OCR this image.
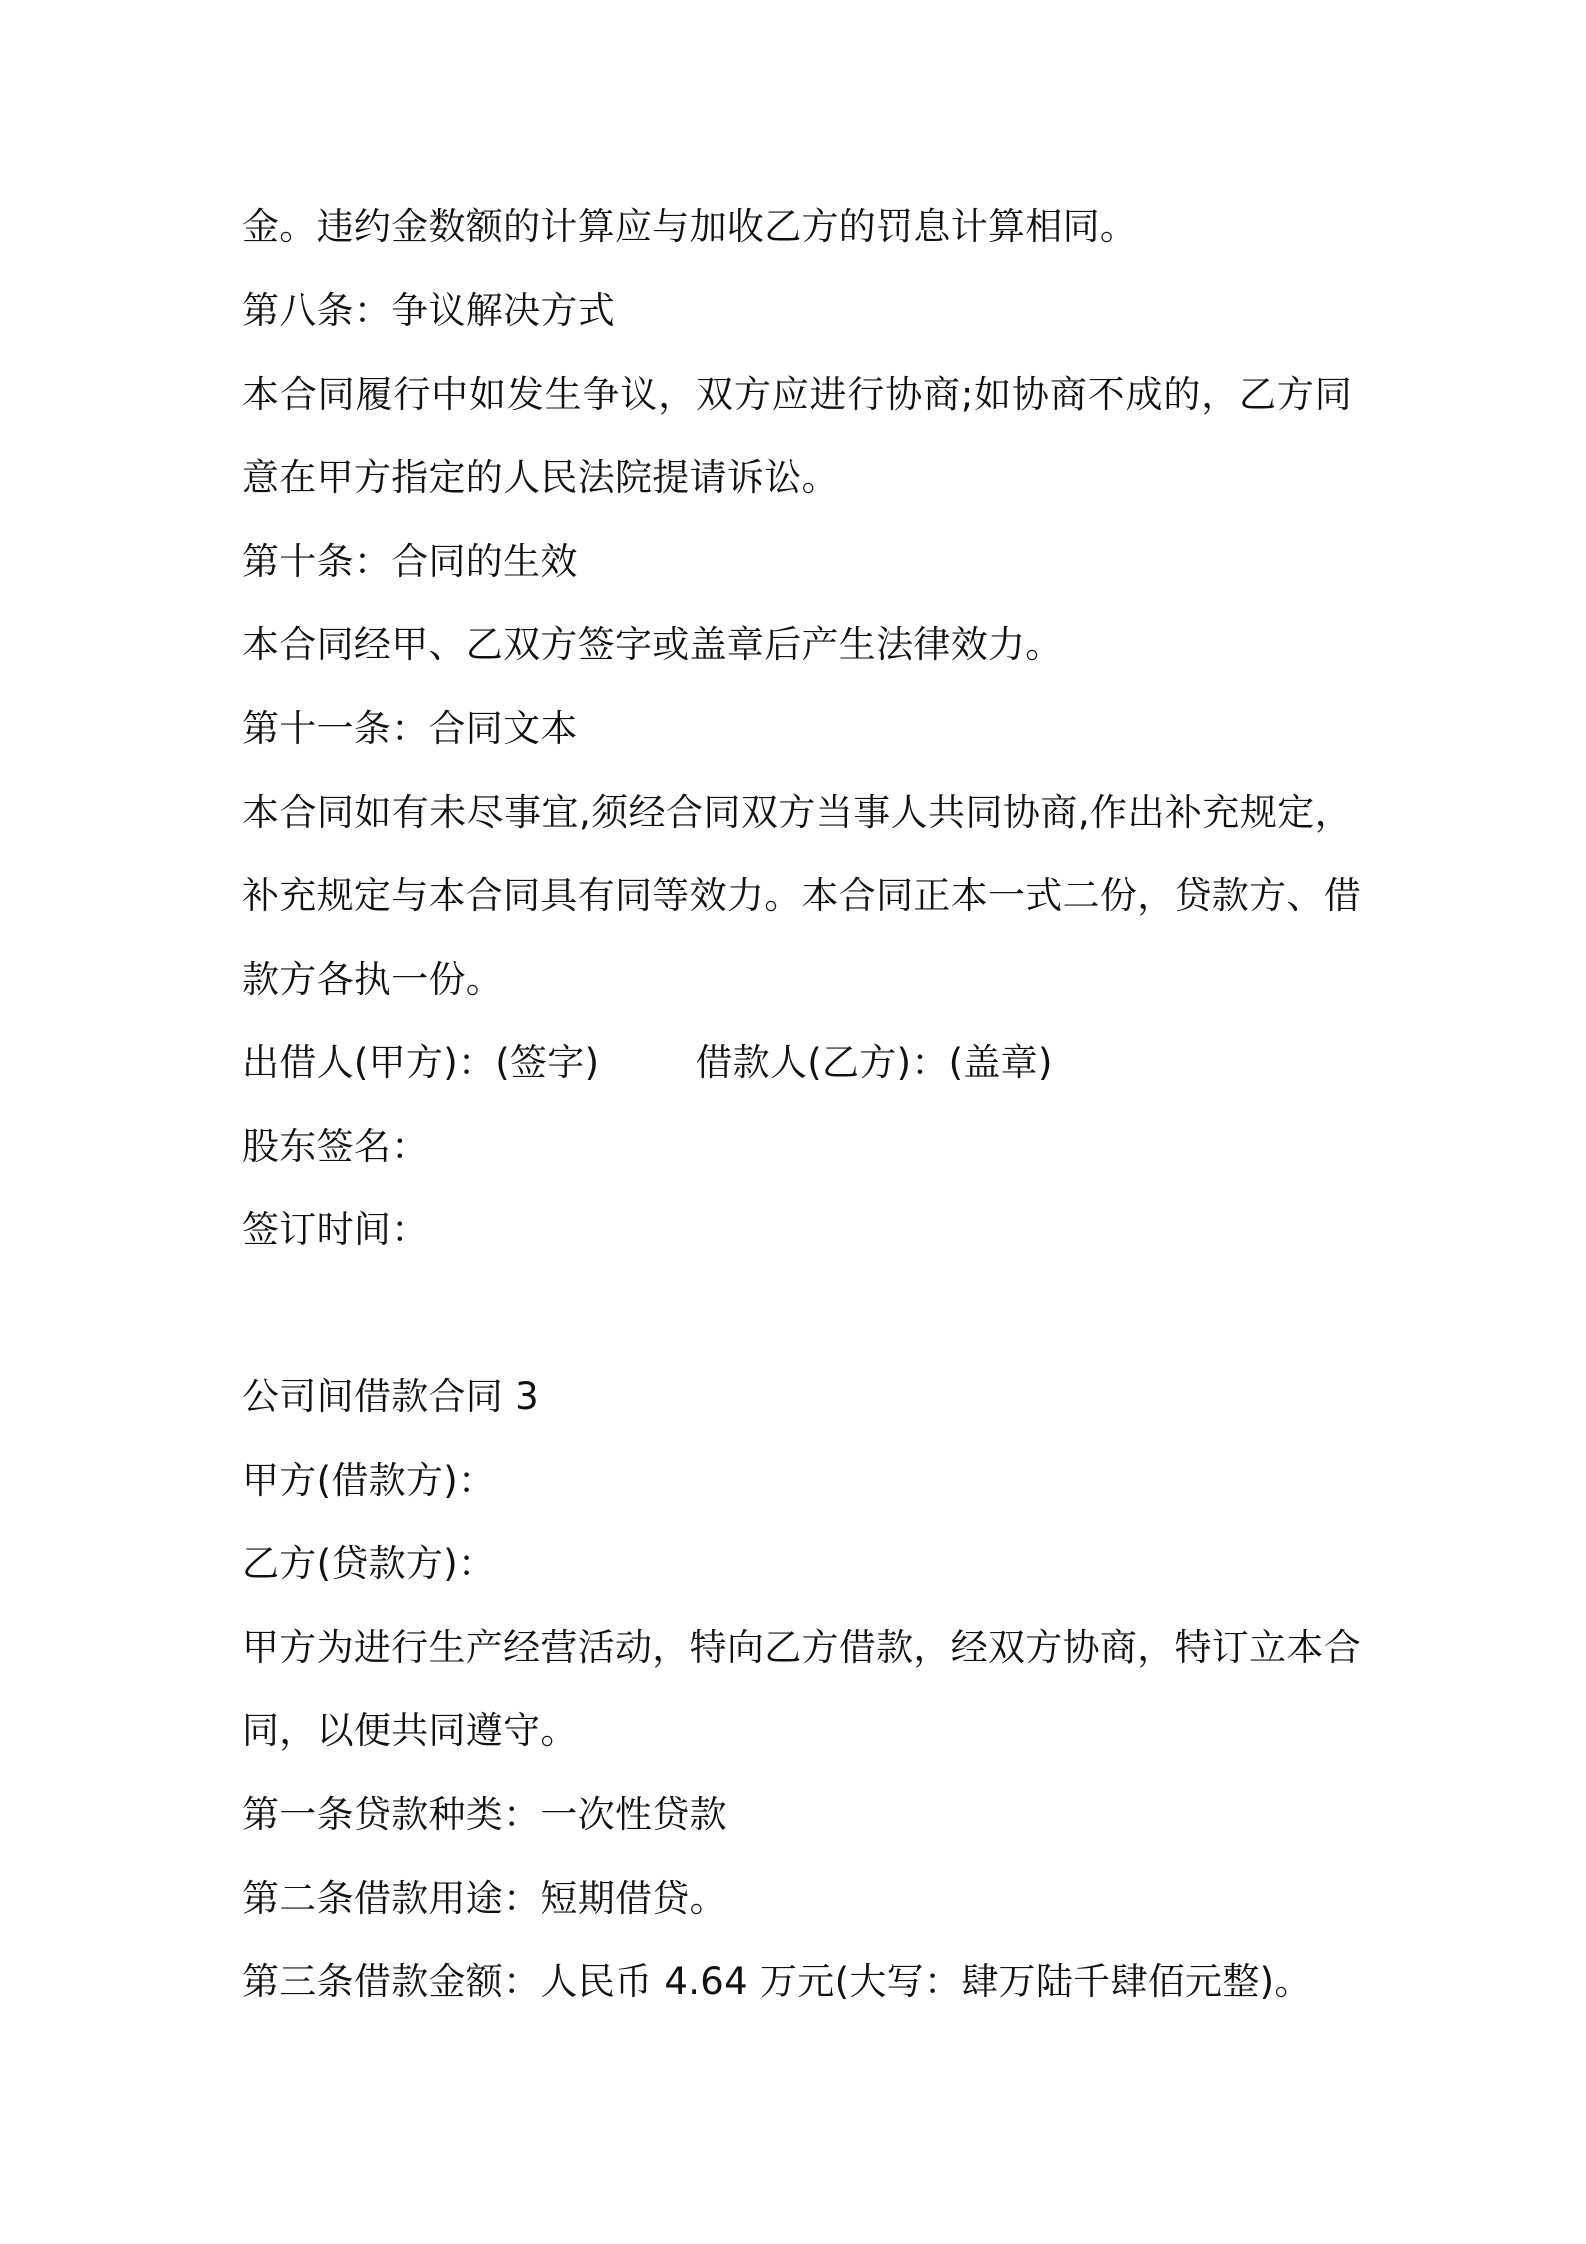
金。违约金数额的计算应与加收乙方的罚息计算相同。
第八条：争议解决方式
本合同履行中如发生争议，双方应进行协商;如协商不成的，乙方同
意在甲方指定的人民法院提请诉讼。
第十条：合同的生效
本合同经甲、乙双方签字或盖章后产生法律效力。
第十一条：合同文本
本合同如有未尽事宜,须经合同双方当事人共同协商,作出补充规定，
补充规定与本合同具有同等效力。本合同正本一式二份，贷款方、借
款方各执一份。
出借人(甲方)：(签字)	借款人(乙方)：(盖章)
股东签名：
签订时间：
公司间借款合同 3
甲方(借款方)：
乙方(贷款方)：
甲方为进行生产经营活动，特向乙方借款，经双方协商，特订立本合
同，以便共同遵守。
第一条贷款种类：一次性贷款
第二条借款用途：短期借贷。
第三条借款金额：人民币 4.64 万元(大写：肆万陆千肆佰元整)。
